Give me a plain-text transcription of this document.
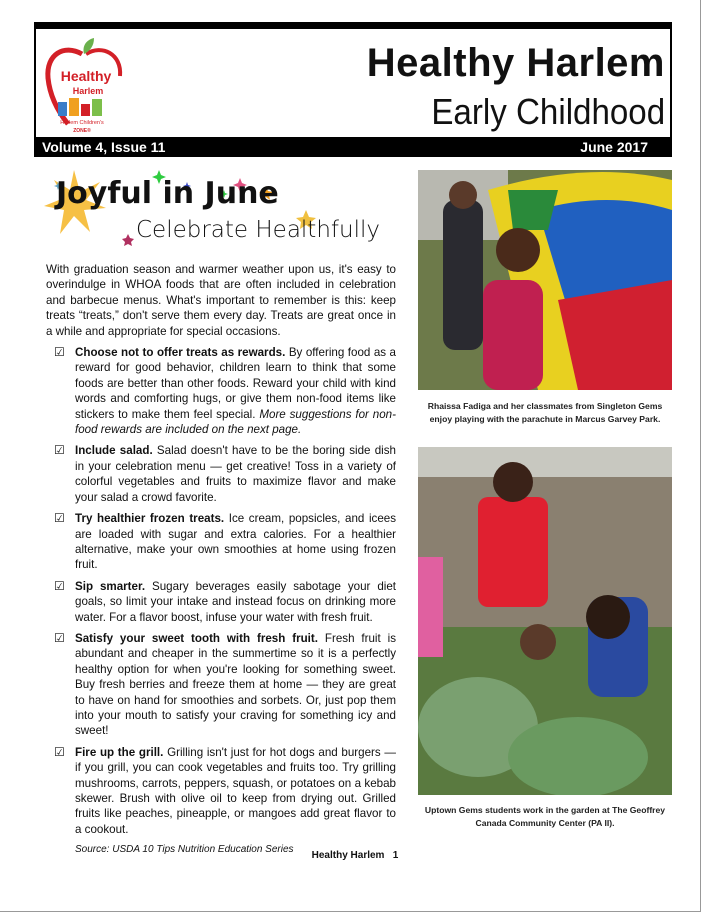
Healthy
Harlem
Harlem Children's
ZONE®
Healthy Harlem
Early Childhood
Volume 4, Issue 11	June 2017
Joyful in June
Celebrate Healthfully

With graduation season and warmer weather upon us, it's easy to overindulge in WHOA foods that are often included in celebration and barbecue menus. What's important to remember is this: keep treats “treats,” don't serve them every day. Treats are great once in a while and appropriate for special occasions.

☑ Choose not to offer treats as rewards. By offering food as a reward for good behavior, children learn to think that some foods are better than other foods. Reward your child with kind words and comforting hugs, or give them non-food items like stickers to make them feel special. More suggestions for non-food rewards are included on the next page.
☑ Include salad. Salad doesn't have to be the boring side dish in your celebration menu — get creative! Toss in a variety of colorful vegetables and fruits to maximize flavor and make your salad a crowd favorite.
☑ Try healthier frozen treats. Ice cream, popsicles, and icees are loaded with sugar and extra calories. For a healthier alternative, make your own smoothies at home using frozen fruit.
☑ Sip smarter. Sugary beverages easily sabotage your diet goals, so limit your intake and instead focus on drinking more water. For a flavor boost, infuse your water with fresh fruit.
☑ Satisfy your sweet tooth with fresh fruit. Fresh fruit is abundant and cheaper in the summertime so it is a perfectly healthy option for when you're looking for something sweet. Buy fresh berries and freeze them at home — they are great to have on hand for smoothies and sorbets. Or, just pop them into your mouth to satisfy your craving for something icy and sweet!
☑ Fire up the grill. Grilling isn't just for hot dogs and burgers — if you grill, you can cook vegetables and fruits too. Try grilling mushrooms, carrots, peppers, squash, or potatoes on a kebab skewer. Brush with olive oil to keep from drying out. Grilled fruits like peaches, pineapple, or mangoes add great flavor to a cookout.
Source: USDA 10 Tips Nutrition Education Series
Rhaissa Fadiga and her classmates from Singleton Gems enjoy playing with the parachute in Marcus Garvey Park.
Uptown Gems students work in the garden at The Geoffrey Canada Community Center (PA II).
Healthy Harlem   1
